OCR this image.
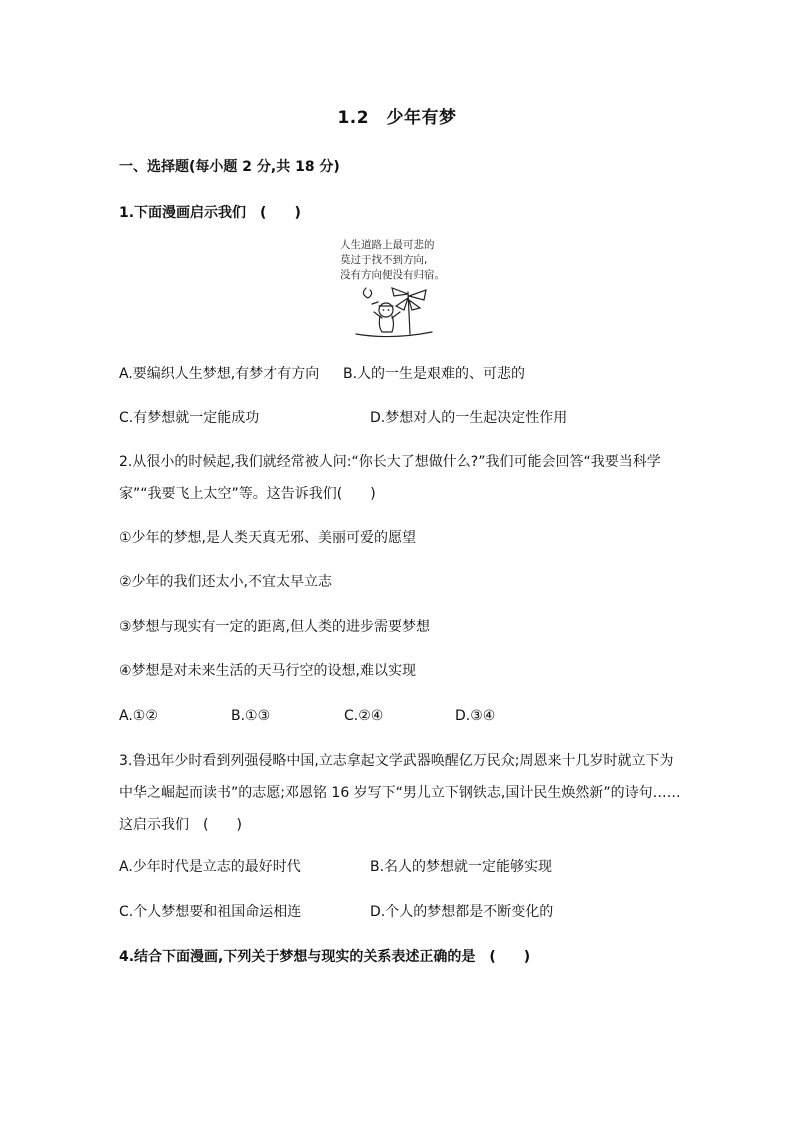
1.2　少年有梦
一、选择题(每小题 2 分,共 18 分)
1.下面漫画启示我们　(　　)
人生道路上最可悲的
莫过于找不到方向,
没有方向便没有归宿。
A.要编织人生梦想,有梦才有方向 B.人的一生是艰难的、可悲的
C.有梦想就一定能成功	D.梦想对人的一生起决定性作用
2.从很小的时候起,我们就经常被人问:“你长大了想做什么?”我们可能会回答“我要当科学
家”“我要飞上太空”等。这告诉我们(　　)
①少年的梦想,是人类天真无邪、美丽可爱的愿望
②少年的我们还太小,不宜太早立志
③梦想与现实有一定的距离,但人类的进步需要梦想
④梦想是对未来生活的天马行空的设想,难以实现
A.①②	B.①③	C.②④	D.③④
3.鲁迅年少时看到列强侵略中国,立志拿起文学武器唤醒亿万民众;周恩来十几岁时就立下为
中华之崛起而读书”的志愿;邓恩铭 16 岁写下“男儿立下钢铁志,国计民生焕然新”的诗句……
这启示我们　(　　)
A.少年时代是立志的最好时代	B.名人的梦想就一定能够实现
C.个人梦想要和祖国命运相连	D.个人的梦想都是不断变化的
4.结合下面漫画,下列关于梦想与现实的关系表述正确的是　(　　)
